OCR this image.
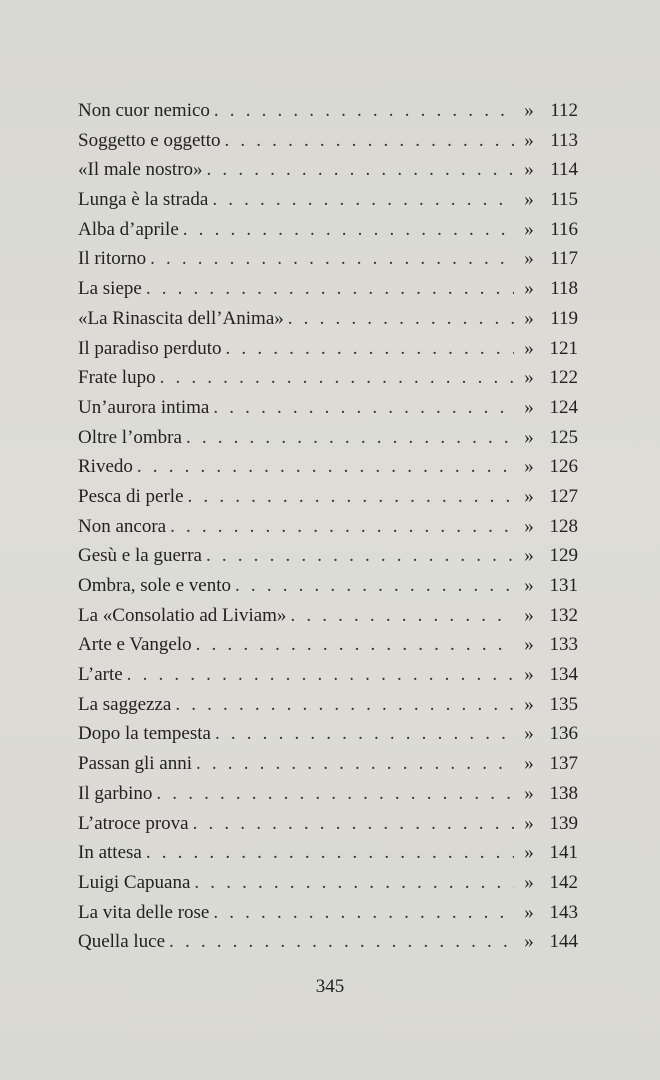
Non cuor nemico . . .	» 112
Soggetto e oggetto . . .	» 113
«Il male nostro» . . .	» 114
Lunga è la strada . . .	» 115
Alba d’aprile . . .	» 116
Il ritorno . . .	» 117
La siepe . . .	» 118
«La Rinascita dell’Anima» . . .	» 119
Il paradiso perduto . . .	» 121
Frate lupo . . .	» 122
Un’aurora intima . . .	» 124
Oltre l’ombra . . .	» 125
Rivedo . . .	» 126
Pesca di perle . . .	» 127
Non ancora . . .	» 128
Gesù e la guerra . . .	» 129
Ombra, sole e vento . . .	» 131
La «Consolatio ad Liviam» . . .	» 132
Arte e Vangelo . . .	» 133
L’arte . . .	» 134
La saggezza . . .	» 135
Dopo la tempesta . . .	» 136
Passan gli anni . . .	» 137
Il garbino . . .	» 138
L’atroce prova . . .	» 139
In attesa . . .	» 141
Luigi Capuana . . .	» 142
La vita delle rose . . .	» 143
Quella luce . . .	» 144
345
